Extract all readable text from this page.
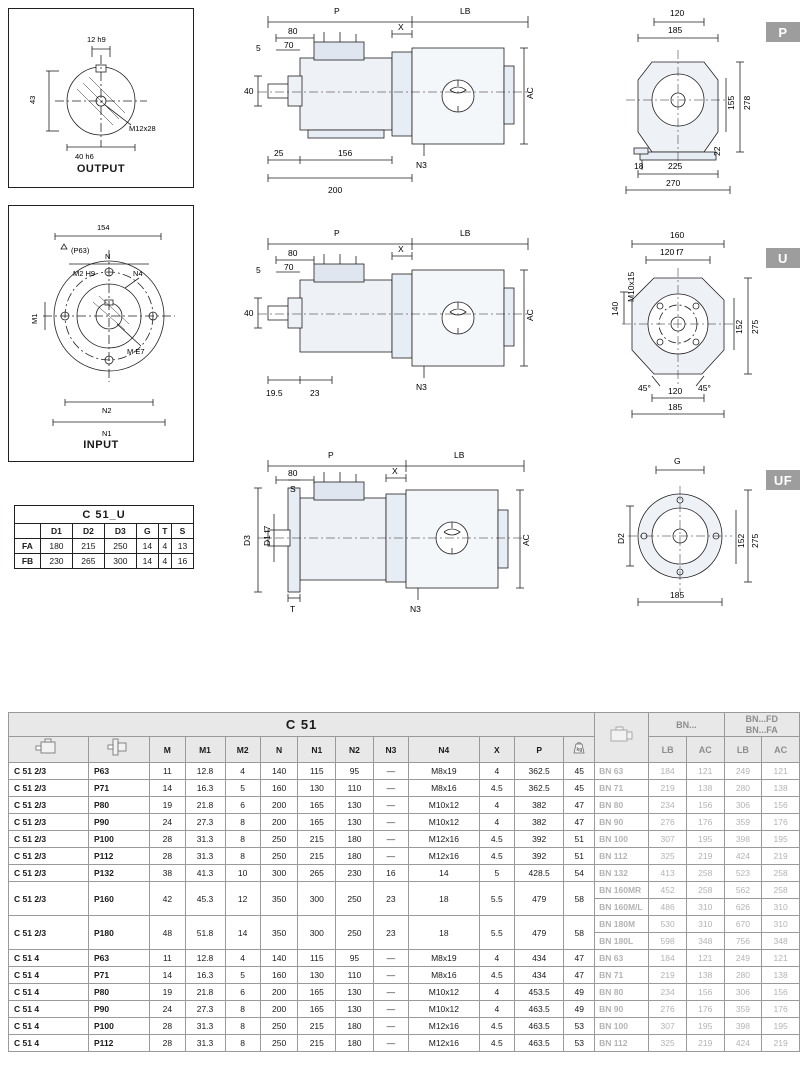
12 h9
43
M12x28
40 h6
OUTPUT
154
(P63)
N
M2 H9	N4
M1
M E7
N2
N1
INPUT
C 51_U						
	D1	D2	D3	G	T	S
FA	180	215	250	14	4	13
FB	230	265	300	14	4	16
P	LB
80
70
5
40
X
AC
N3
25	156
200
120
185
278
155
18	225
270
22
P
P	LB
80
70
5
40
X
AC
N3
19.5	23
160
120 f7
140
M10x15
275
152
45°	45°
120
185
U
P	LB
80
S
X
AC
D3 D1 f7
T	N3
G
D2	275
152
185
UF
C 51														BN...		BN...FD
BN...FA	

		M	M1	M2	N	N1	N2	N3	N4	X	P	kg		LB	AC	LB	AC
C 51 2/3	P63	11	12.8	4	140	115	95	—	M8x19	4	362.5	45	BN 63	184	121	249	121
C 51 2/3	P71	14	16.3	5	160	130	110	—	M8x16	4.5	362.5	45	BN 71	219	138	280	138
C 51 2/3	P80	19	21.8	6	200	165	130	—	M10x12	4	382	47	BN 80	234	156	306	156
C 51 2/3	P90	24	27.3	8	200	165	130	—	M10x12	4	382	47	BN 90	276	176	359	176
C 51 2/3	P100	28	31.3	8	250	215	180	—	M12x16	4.5	392	51	BN 100	307	195	398	195
C 51 2/3	P112	28	31.3	8	250	215	180	—	M12x16	4.5	392	51	BN 112	325	219	424	219
C 51 2/3	P132	38	41.3	10	300	265	230	16	14	5	428.5	54	BN 132	413	258	523	258
C 51 2/3	P160	42	45.3	12	350	300	250	23	18	5.5	479	58	BN 160MR	452	258	562	258
													BN 160M/L	486	310	626	310
C 51 2/3	P180	48	51.8	14	350	300	250	23	18	5.5	479	58	BN 180M	530	310	670	310
													BN 180L	598	348	756	348
C 51 4	P63	11	12.8	4	140	115	95	—	M8x19	4	434	47	BN 63	184	121	249	121
C 51 4	P71	14	16.3	5	160	130	110	—	M8x16	4.5	434	47	BN 71	219	138	280	138
C 51 4	P80	19	21.8	6	200	165	130	—	M10x12	4	453.5	49	BN 80	234	156	306	156
C 51 4	P90	24	27.3	8	200	165	130	—	M10x12	4	463.5	49	BN 90	276	176	359	176
C 51 4	P100	28	31.3	8	250	215	180	—	M12x16	4.5	463.5	53	BN 100	307	195	398	195
C 51 4	P112	28	31.3	8	250	215	180	—	M12x16	4.5	463.5	53	BN 112	325	219	424	219
